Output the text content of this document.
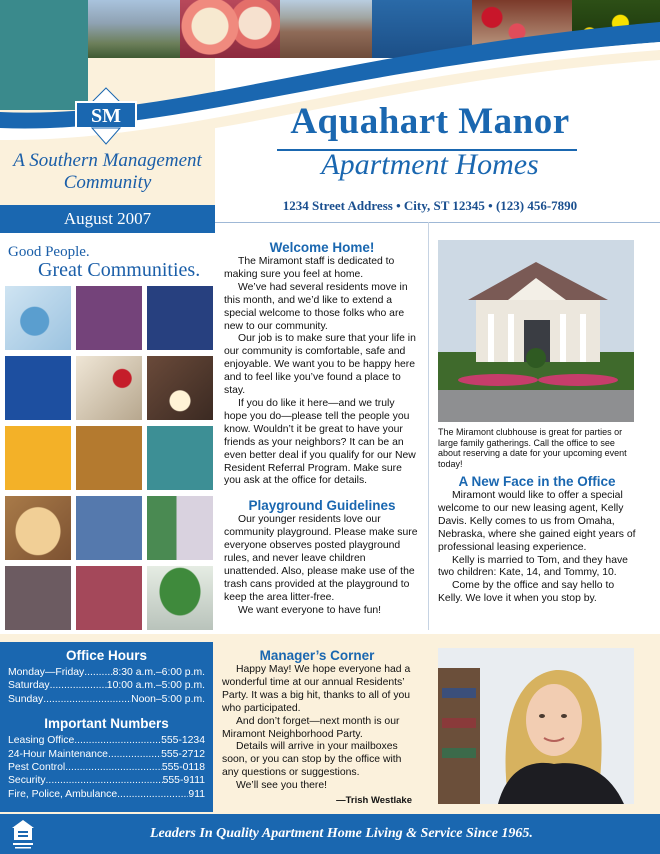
SM
A Southern Management
Community
August 2007
Aquahart Manor
Apartment Homes
1234 Street Address • City, ST 12345 • (123) 456-7890
Good People.
Great Communities.
Welcome Home!

The Miramont staff is dedicated to making sure you feel at home.

We’ve had several residents move in this month, and we’d like to extend a special welcome to those folks who are new to our community.

Our job is to make sure that your life in our community is comfortable, safe and enjoyable. We want you to be happy here and to feel like you’ve found a place to stay.

If you do like it here—and we truly hope you do—please tell the people you know. Wouldn’t it be great to have your friends as your neighbors? It can be an even better deal if you qualify for our New Resident Referral Program. Make sure you ask at the office for details.

Playground Guidelines

Our younger residents love our community playground. Please make sure everyone observes posted playground rules, and never leave children unattended. Also, please make use of the trash cans provided at the playground to keep the area litter-free.

We want everyone to have fun!

The Miramont clubhouse is great for parties or large family gatherings. Call the office to see about reserving a date for your upcoming event today!
A New Face in the Office

Miramont would like to offer a special welcome to our new leasing agent, Kelly Davis. Kelly comes to us from Omaha, Nebraska, where she gained eight years of professional leasing experience.

Kelly is married to Tom, and they have two children: Kate, 14, and Tommy, 10.

Come by the office and say hello to Kelly. We love it when you stop by.

Office Hours
Monday—Friday .....	8:30 a.m.–6:00 p.m.
Saturday .....	10:00 a.m.–5:00 p.m.
Sunday .....	Noon–5:00 p.m.
Important Numbers
Leasing Office .....	555-1234
24-Hour Maintenance .....	555-2712
Pest Control .....	555-0118
Security .....	555-9111
Fire, Police, Ambulance .....	911
Manager’s Corner

Happy May! We hope everyone had a wonderful time at our annual Residents’ Party. It was a big hit, thanks to all of you who participated.

And don’t forget—next month is our Miramont Neighborhood Party.

Details will arrive in your mailboxes soon, or you can stop by the office with any questions or suggestions.

We’ll see you there!

—Trish Westlake
Leaders In Quality Apartment Home Living & Service Since 1965.
